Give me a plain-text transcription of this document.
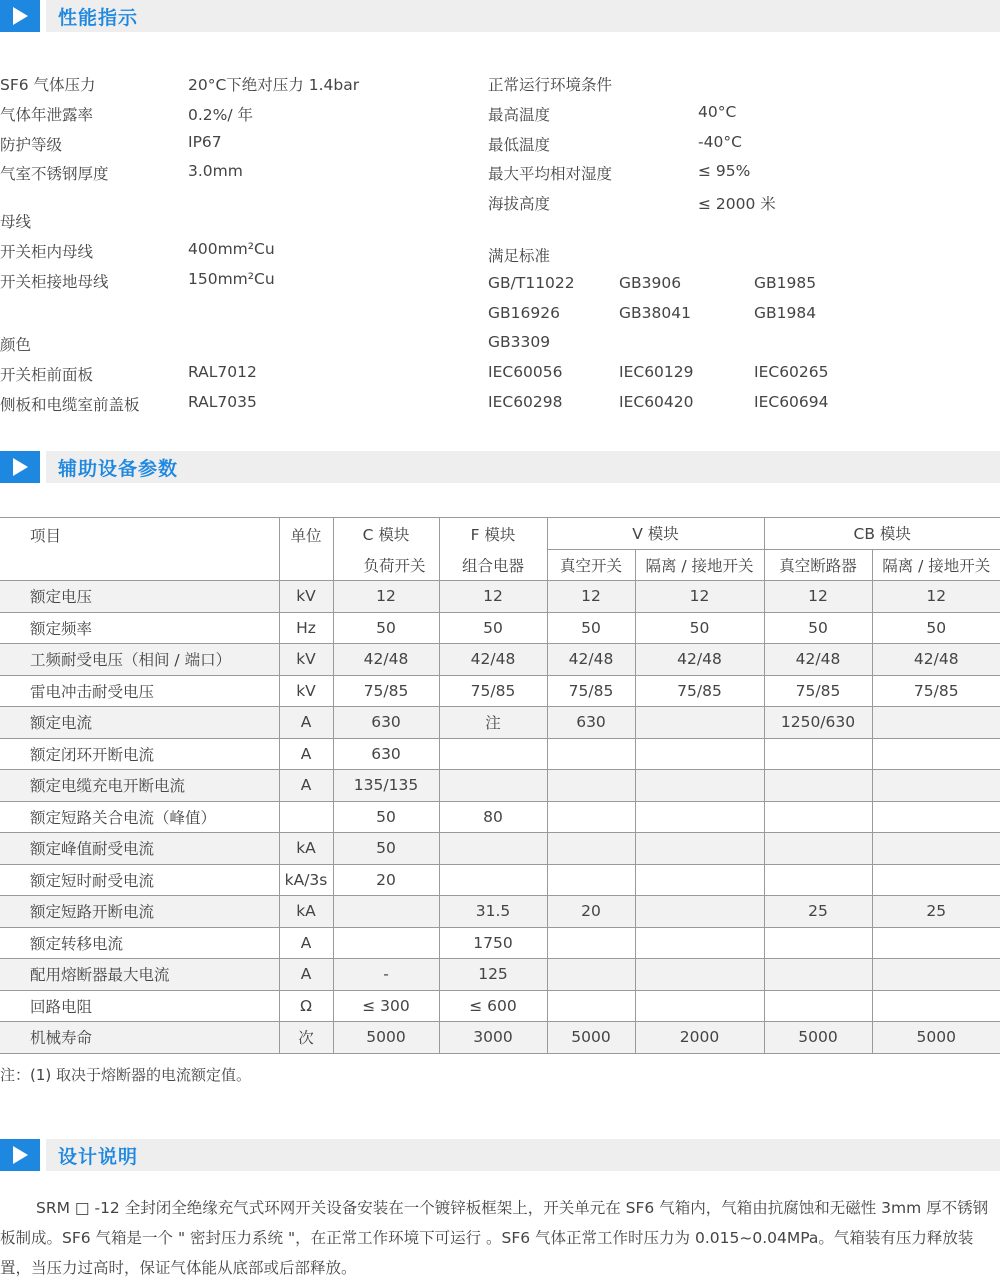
性能指示
SF6 气体压力	20°C下绝对压力 1.4bar
气体年泄露率	0.2%/ 年
防护等级	IP67
气室不锈钢厚度	3.0mm
母线
开关柜内母线	400mm²Cu
开关柜接地母线	150mm²Cu
颜色
开关柜前面板	RAL7012
侧板和电缆室前盖板	RAL7035
正常运行环境条件
最高温度	40°C
最低温度	-40°C
最大平均相对湿度	≤ 95%
海拔高度	≤ 2000 米
满足标准
GB/T11022	GB3906	GB1985
GB16926	GB38041	GB1984
GB3309
IEC60056	IEC60129	IEC60265
IEC60298	IEC60420	IEC60694
辅助设备参数
项目	单位	C 模块	F 模块	V 模块		CB 模块	
		负荷开关	组合电器	真空开关	隔离 / 接地开关	真空断路器	隔离 / 接地开关
额定电压	kV	12	12	12	12	12	12
额定频率	Hz	50	50	50	50	50	50
工频耐受电压（相间 / 端口）	kV	42/48	42/48	42/48	42/48	42/48	42/48
雷电冲击耐受电压	kV	75/85	75/85	75/85	75/85	75/85	75/85
额定电流	A	630	注	630		1250/630	
额定闭环开断电流	A	630					
额定电缆充电开断电流	A	135/135					
额定短路关合电流（峰值）		50	80				
额定峰值耐受电流	kA	50					
额定短时耐受电流	kA/3s	20					
额定短路开断电流	kA		31.5	20		25	25
额定转移电流	A		1750				
配用熔断器最大电流	A	-	125				
回路电阻	Ω	≤ 300	≤ 600				
机械寿命	次	5000	3000	5000	2000	5000	5000
注：(1) 取决于熔断器的电流额定值。
设计说明
SRM □ -12 全封闭全绝缘充气式环网开关设备安装在一个镀锌板框架上，开关单元在 SF6 气箱内，气箱由抗腐蚀和无磁性 3mm 厚不锈钢板制成。SF6 气箱是一个 " 密封压力系统 "，在正常工作环境下可运行 。SF6 气体正常工作时压力为 0.015~0.04MPa。气箱装有压力释放装置，当压力过高时，保证气体能从底部或后部释放。
